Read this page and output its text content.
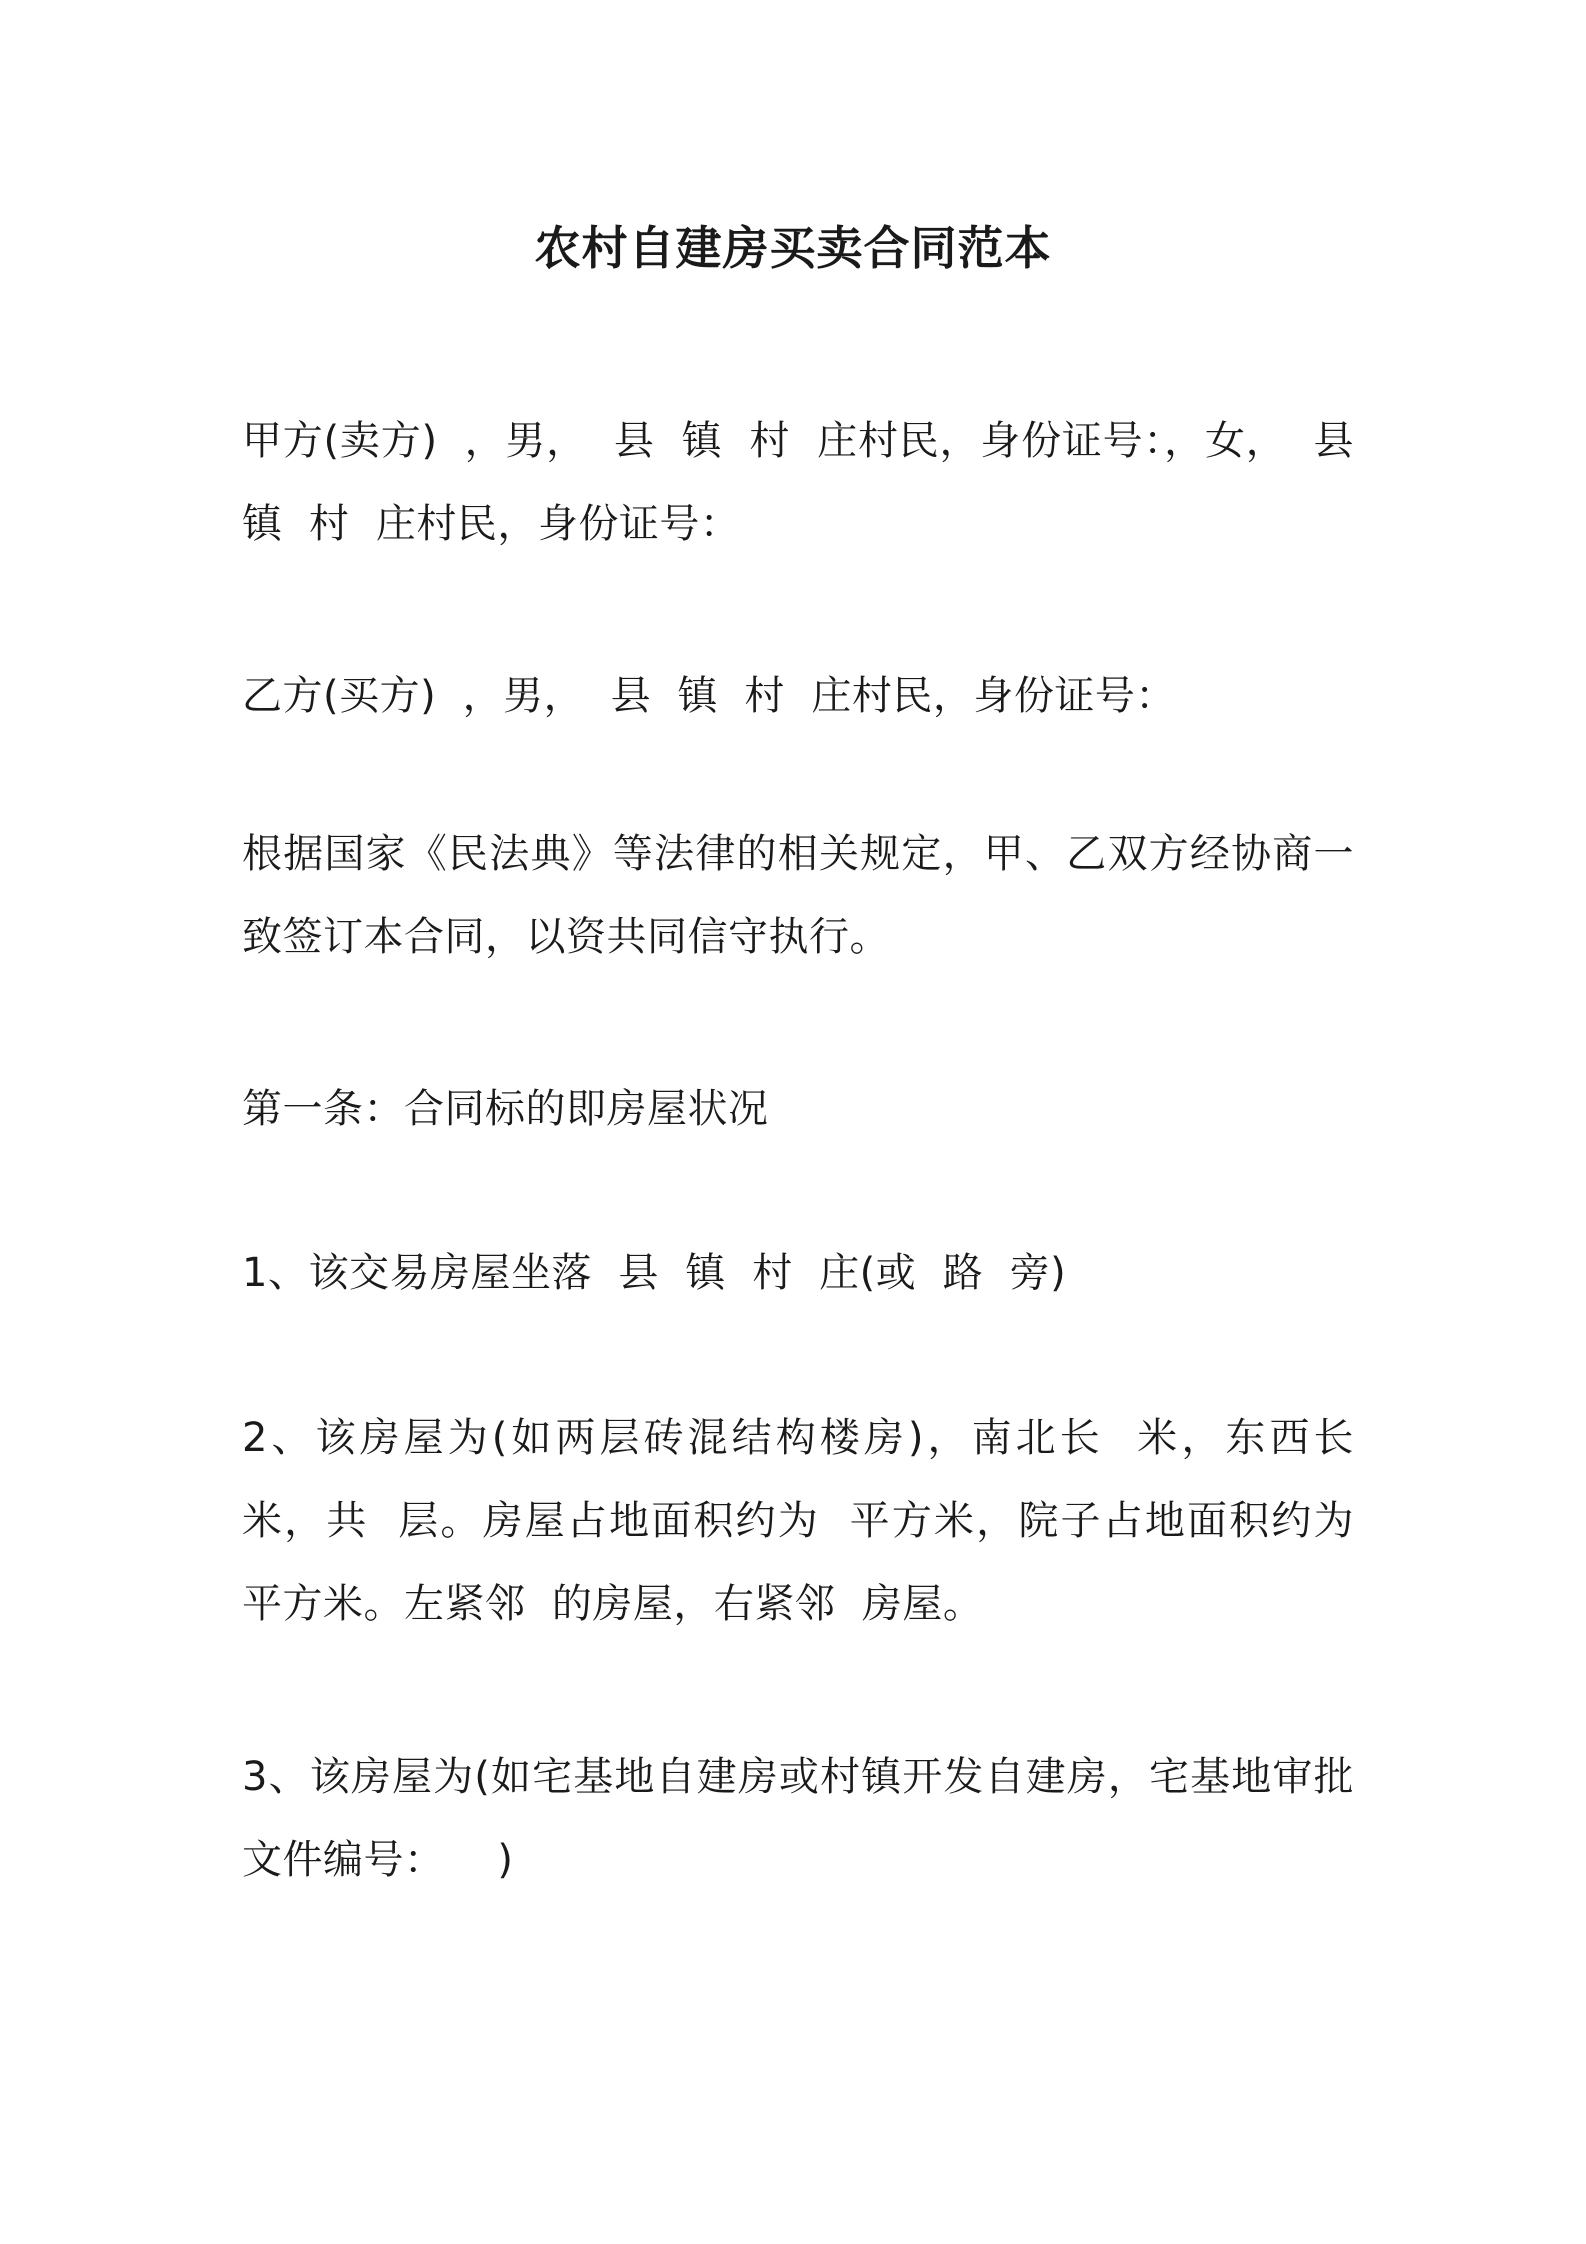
农村自建房买卖合同范本
甲方(卖方)  ，男，  县  镇  村  庄村民，身份证号：，女，  县  镇  村  庄村民，身份证号：
乙方(买方)  ，男，  县  镇  村  庄村民，身份证号：
根据国家《民法典》等法律的相关规定，甲、乙双方经协商一致签订本合同，以资共同信守执行。
第一条：合同标的即房屋状况
1、该交易房屋坐落  县  镇  村  庄(或  路  旁)
2、该房屋为(如两层砖混结构楼房)，南北长  米，东西长  米，共  层。房屋占地面积约为  平方米，院子占地面积约为  平方米。左紧邻  的房屋，右紧邻  房屋。
3、该房屋为(如宅基地自建房或村镇开发自建房，宅基地审批文件编号：    )
